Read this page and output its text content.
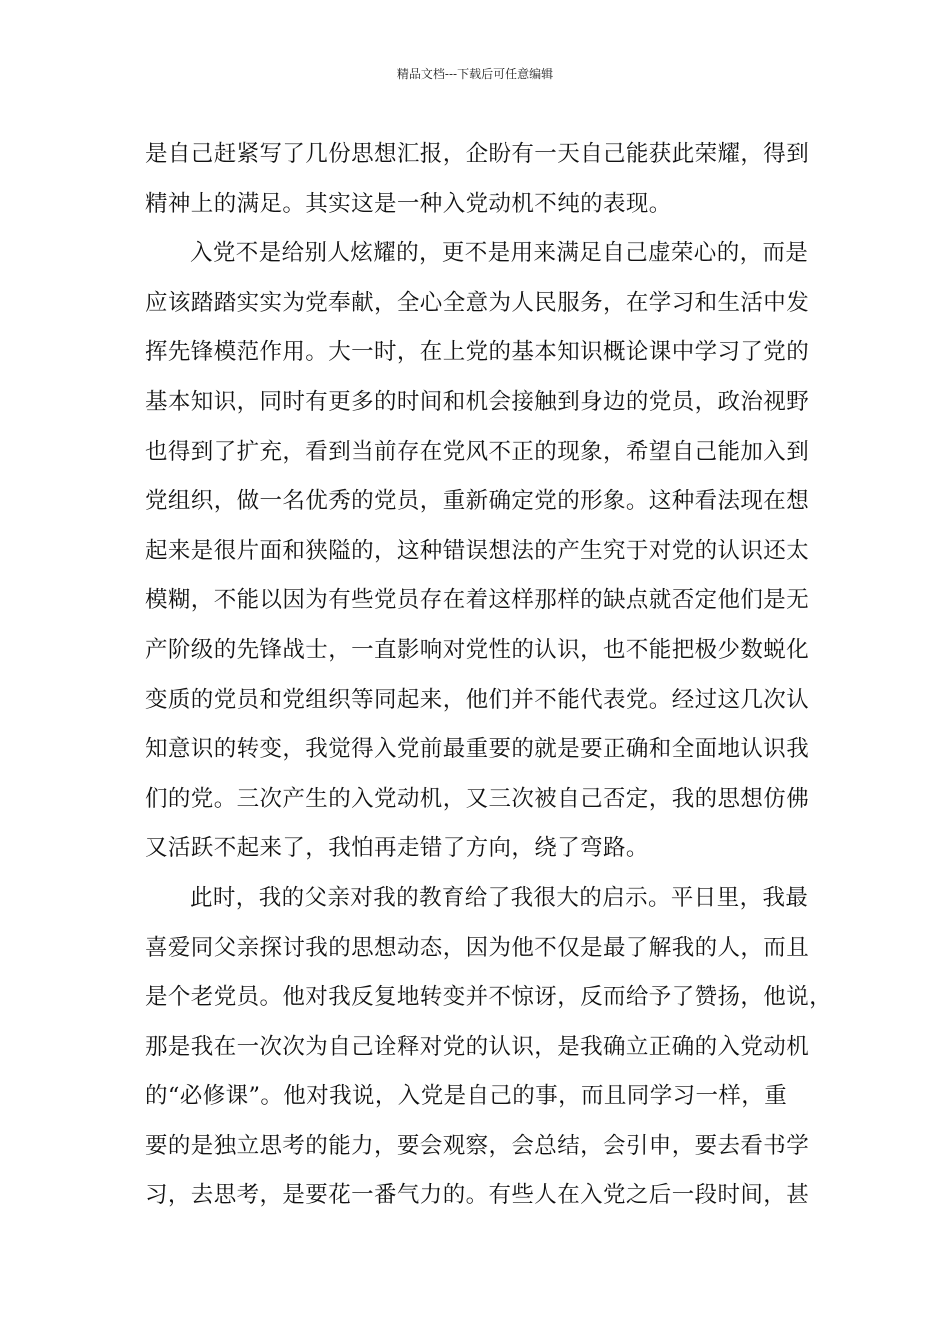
精品文档---下载后可任意编辑
是自己赶紧写了几份思想汇报，企盼有一天自己能获此荣耀，得到
精神上的满足。其实这是一种入党动机不纯的表现。
入党不是给别人炫耀的，更不是用来满足自己虚荣心的，而是
应该踏踏实实为党奉献，全心全意为人民服务，在学习和生活中发
挥先锋模范作用。大一时，在上党的基本知识概论课中学习了党的
基本知识，同时有更多的时间和机会接触到身边的党员，政治视野
也得到了扩充，看到当前存在党风不正的现象，希望自己能加入到
党组织，做一名优秀的党员，重新确定党的形象。这种看法现在想
起来是很片面和狭隘的，这种错误想法的产生究于对党的认识还太
模糊，不能以因为有些党员存在着这样那样的缺点就否定他们是无
产阶级的先锋战士，一直影响对党性的认识，也不能把极少数蜕化
变质的党员和党组织等同起来，他们并不能代表党。经过这几次认
知意识的转变，我觉得入党前最重要的就是要正确和全面地认识我
们的党。三次产生的入党动机，又三次被自己否定，我的思想仿佛
又活跃不起来了，我怕再走错了方向，绕了弯路。
此时，我的父亲对我的教育给了我很大的启示。平日里，我最
喜爱同父亲探讨我的思想动态，因为他不仅是最了解我的人，而且
是个老党员。他对我反复地转变并不惊讶，反而给予了赞扬，他说，
那是我在一次次为自己诠释对党的认识，是我确立正确的入党动机
的“必修课”。他对我说，入党是自己的事，而且同学习一样，重
要的是独立思考的能力，要会观察，会总结，会引申，要去看书学
习，去思考，是要花一番气力的。有些人在入党之后一段时间，甚
